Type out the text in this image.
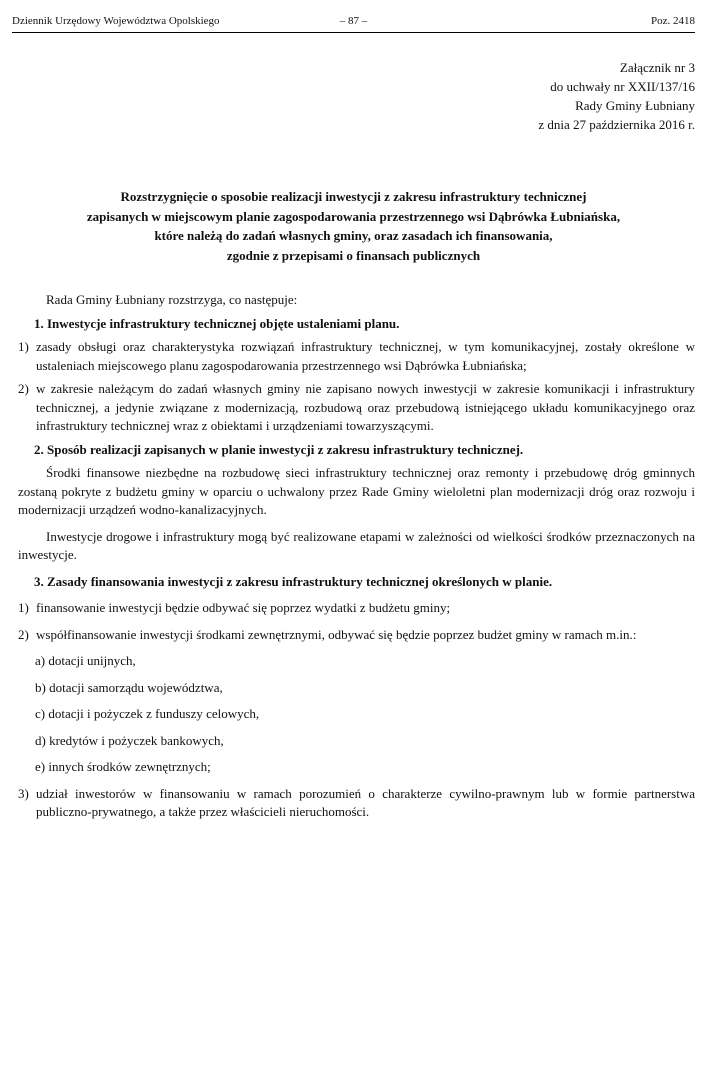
Dziennik Urzędowy Województwa Opolskiego	– 87 –	Poz. 2418
Załącznik nr 3
do uchwały nr XXII/137/16
Rady Gminy Łubniany
z dnia 27 października 2016 r.
Rozstrzygnięcie o sposobie realizacji inwestycji z zakresu infrastruktury technicznej
zapisanych w miejscowym planie zagospodarowania przestrzennego wsi Dąbrówka Łubniańska,
które należą do zadań własnych gminy, oraz zasadach ich finansowania,
zgodnie z przepisami o finansach publicznych

Rada Gminy Łubniany rozstrzyga, co następuje:

1. Inwestycje infrastruktury technicznej objęte ustaleniami planu.

1) zasady obsługi oraz charakterystyka rozwiązań infrastruktury technicznej, w tym komunikacyjnej, zostały określone w ustaleniach miejscowego planu zagospodarowania przestrzennego wsi Dąbrówka Łubniańska;
2) w zakresie należącym do zadań własnych gminy nie zapisano nowych inwestycji w zakresie komunikacji i infrastruktury technicznej, a jedynie związane z modernizacją, rozbudową oraz przebudową istniejącego układu komunikacyjnego oraz infrastruktury technicznej wraz z obiektami i urządzeniami towarzyszącymi.

2. Sposób realizacji zapisanych w planie inwestycji z zakresu infrastruktury technicznej.

Środki finansowe niezbędne na rozbudowę sieci infrastruktury technicznej oraz remonty i przebudowę dróg gminnych zostaną pokryte z budżetu gminy w oparciu o uchwalony przez Rade Gminy wieloletni plan modernizacji dróg oraz rozwoju i modernizacji urządzeń wodno-kanalizacyjnych.

Inwestycje drogowe i infrastruktury mogą być realizowane etapami w zależności od wielkości środków przeznaczonych na inwestycje.

3. Zasady finansowania inwestycji z zakresu infrastruktury technicznej określonych w planie.

1) finansowanie inwestycji będzie odbywać się poprzez wydatki z budżetu gminy;
2) współfinansowanie inwestycji środkami zewnętrznymi, odbywać się będzie poprzez budżet gminy w ramach m.in.:

a) dotacji unijnych,

b) dotacji samorządu województwa,

c) dotacji i pożyczek z funduszy celowych,

d) kredytów i pożyczek bankowych,

e) innych środków zewnętrznych;

3) udział inwestorów w finansowaniu w ramach porozumień o charakterze cywilno-prawnym lub w formie partnerstwa publiczno-prywatnego, a także przez właścicieli nieruchomości.
